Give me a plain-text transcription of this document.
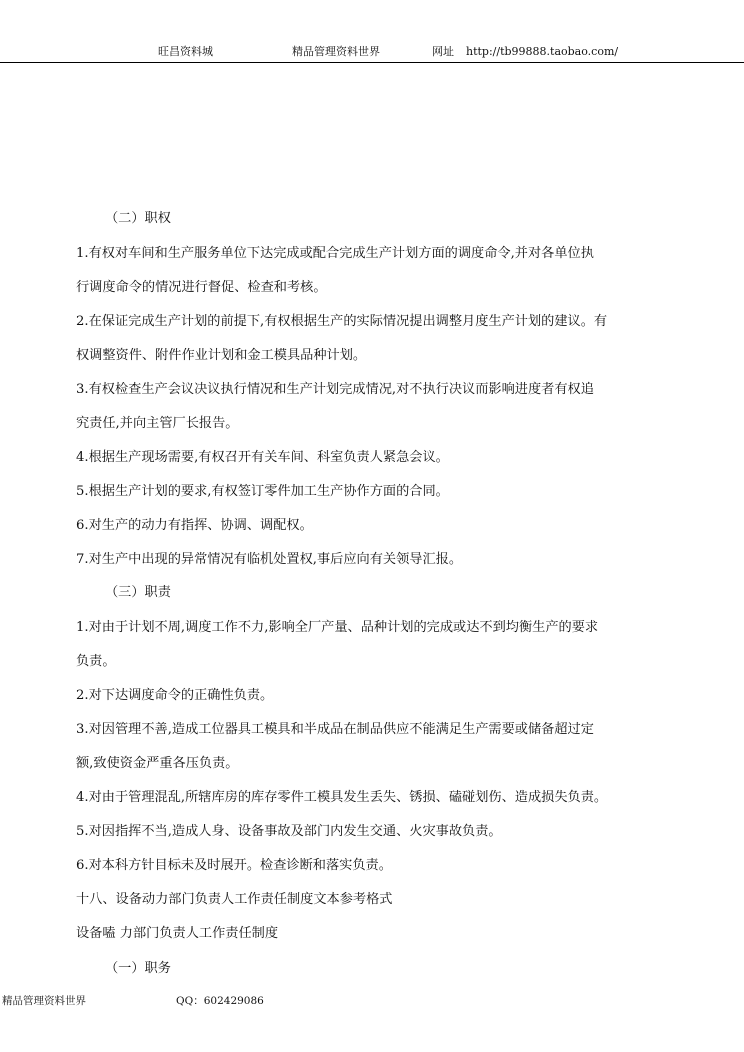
旺昌资料城	精品管理资料世界	网址 http://tb99888.taobao.com/

（二）职权

1.有权对车间和生产服务单位下达完成或配合完成生产计划方面的调度命令,并对各单位执

行调度命令的情况进行督促、检查和考核。

2.在保证完成生产计划的前提下,有权根据生产的实际情况提出调整月度生产计划的建议。有

权调整资件、附件作业计划和金工模具品种计划。

3.有权检查生产会议决议执行情况和生产计划完成情况,对不执行决议而影响进度者有权追

究责任,并向主管厂长报告。

4.根据生产现场需要,有权召开有关车间、科室负责人紧急会议。

5.根据生产计划的要求,有权签订零件加工生产协作方面的合同。

6.对生产的动力有指挥、协调、调配权。

7.对生产中出现的异常情况有临机处置权,事后应向有关领导汇报。

（三）职责

1.对由于计划不周,调度工作不力,影响全厂产量、品种计划的完成或达不到均衡生产的要求

负责。

2.对下达调度命令的正确性负责。

3.对因管理不善,造成工位器具工模具和半成品在制品供应不能满足生产需要或储备超过定

额,致使资金严重各压负责。

4.对由于管理混乱,所辖库房的库存零件工模具发生丢失、锈损、磕碰划伤、造成损失负责。

5.对因指挥不当,造成人身、设备事故及部门内发生交通、火灾事故负责。

6.对本科方针目标未及时展开。检查诊断和落实负责。

十八、设备动力部门负责人工作责任制度文本参考格式

设备嗑 力部门负责人工作责任制度

（一）职务

精品管理资料世界	QQ：602429086
